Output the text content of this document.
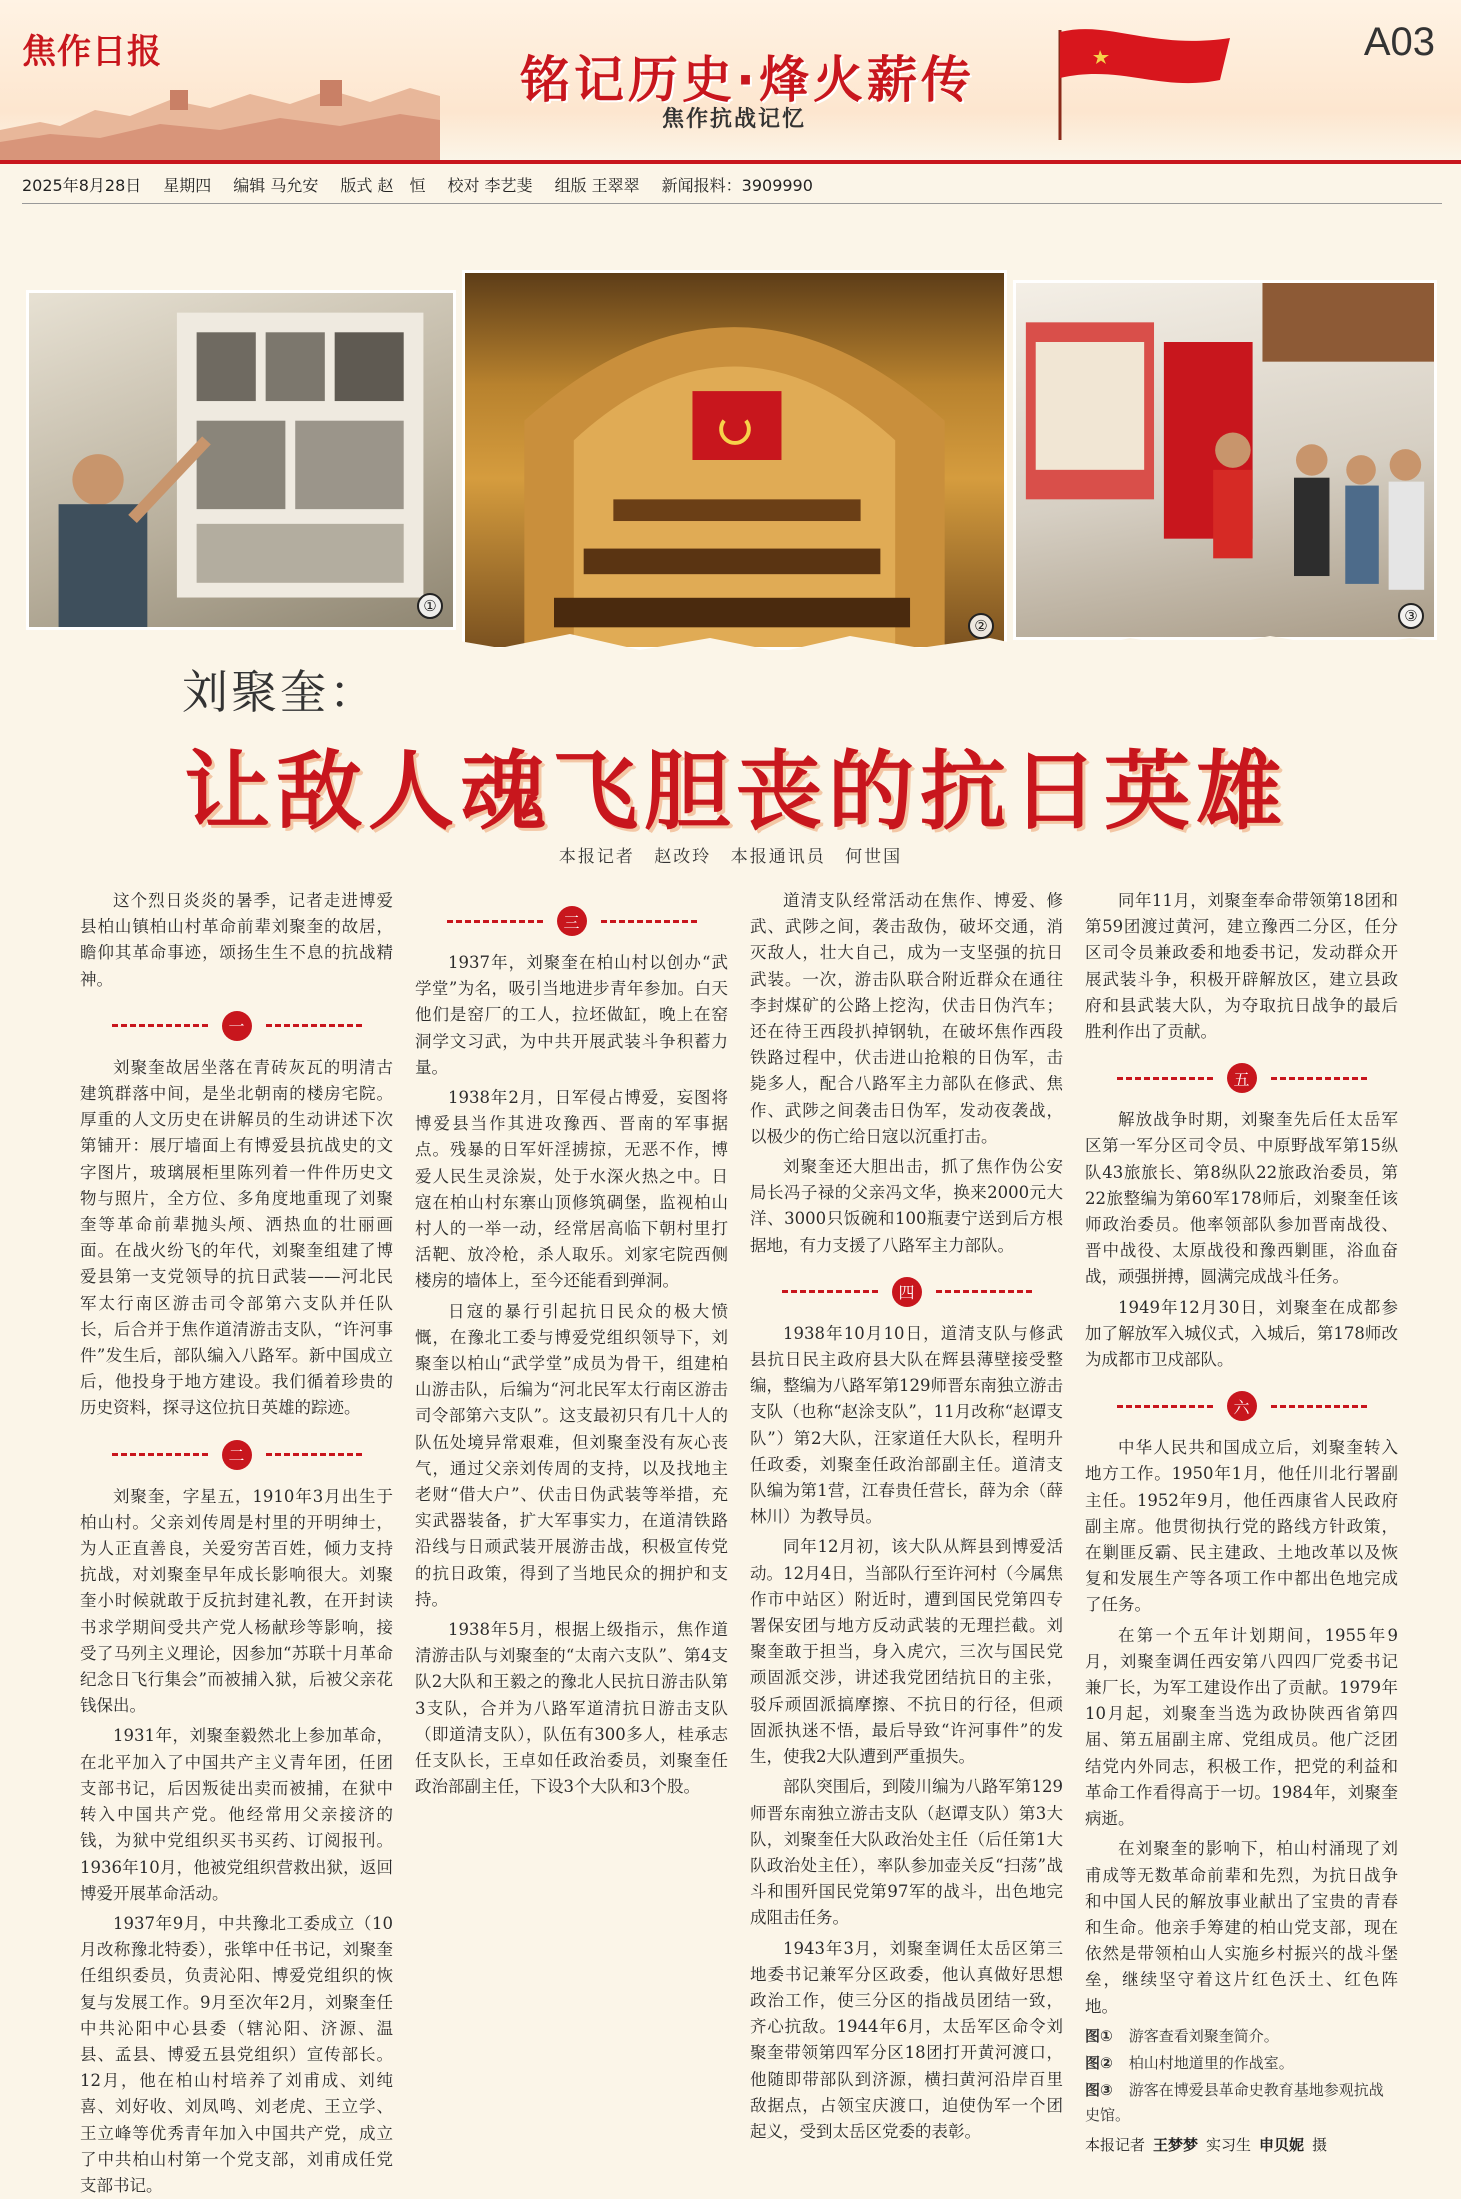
焦作日报	铭记历史·烽火薪传
焦作抗战记忆
A03
2025年8月28日 星期四 编辑 马允安 版式 赵　恒 校对 李艺斐 组版 王翠翠 新闻报料：3909990
①
②
③
刘聚奎：
让敌人魂飞胆丧的抗日英雄
本报记者 赵改玲 本报通讯员 何世国

这个烈日炎炎的暑季，记者走进博爱县柏山镇柏山村革命前辈刘聚奎的故居，瞻仰其革命事迹，颂扬生生不息的抗战精神。

一

刘聚奎故居坐落在青砖灰瓦的明清古建筑群落中间，是坐北朝南的楼房宅院。厚重的人文历史在讲解员的生动讲述下次第铺开：展厅墙面上有博爱县抗战史的文字图片，玻璃展柜里陈列着一件件历史文物与照片，全方位、多角度地重现了刘聚奎等革命前辈抛头颅、洒热血的壮丽画面。在战火纷飞的年代，刘聚奎组建了博爱县第一支党领导的抗日武装——河北民军太行南区游击司令部第六支队并任队长，后合并于焦作道清游击支队，“许河事件”发生后，部队编入八路军。新中国成立后，他投身于地方建设。我们循着珍贵的历史资料，探寻这位抗日英雄的踪迹。

二

刘聚奎，字星五，1910年3月出生于柏山村。父亲刘传周是村里的开明绅士，为人正直善良，关爱穷苦百姓，倾力支持抗战，对刘聚奎早年成长影响很大。刘聚奎小时候就敢于反抗封建礼教，在开封读书求学期间受共产党人杨献珍等影响，接受了马列主义理论，因参加“苏联十月革命纪念日飞行集会”而被捕入狱，后被父亲花钱保出。

1931年，刘聚奎毅然北上参加革命，在北平加入了中国共产主义青年团，任团支部书记，后因叛徒出卖而被捕，在狱中转入中国共产党。他经常用父亲接济的钱，为狱中党组织买书买药、订阅报刊。1936年10月，他被党组织营救出狱，返回博爱开展革命活动。

1937年9月，中共豫北工委成立（10月改称豫北特委），张筚中任书记，刘聚奎任组织委员，负责沁阳、博爱党组织的恢复与发展工作。9月至次年2月，刘聚奎任中共沁阳中心县委（辖沁阳、济源、温县、孟县、博爱五县党组织）宣传部长。12月，他在柏山村培养了刘甫成、刘纯喜、刘好收、刘凤鸣、刘老虎、王立学、王立峰等优秀青年加入中国共产党，成立了中共柏山村第一个党支部，刘甫成任党支部书记。

三

1937年，刘聚奎在柏山村以创办“武学堂”为名，吸引当地进步青年参加。白天他们是窑厂的工人，拉坯做缸，晚上在窑洞学文习武，为中共开展武装斗争积蓄力量。

1938年2月，日军侵占博爱，妄图将博爱县当作其进攻豫西、晋南的军事据点。残暴的日军奸淫掳掠，无恶不作，博爱人民生灵涂炭，处于水深火热之中。日寇在柏山村东寨山顶修筑碉堡，监视柏山村人的一举一动，经常居高临下朝村里打活靶、放冷枪，杀人取乐。刘家宅院西侧楼房的墙体上，至今还能看到弹洞。

日寇的暴行引起抗日民众的极大愤慨，在豫北工委与博爱党组织领导下，刘聚奎以柏山“武学堂”成员为骨干，组建柏山游击队，后编为“河北民军太行南区游击司令部第六支队”。这支最初只有几十人的队伍处境异常艰难，但刘聚奎没有灰心丧气，通过父亲刘传周的支持，以及找地主老财“借大户”、伏击日伪武装等举措，充实武器装备，扩大军事实力，在道清铁路沿线与日顽武装开展游击战，积极宣传党的抗日政策，得到了当地民众的拥护和支持。

1938年5月，根据上级指示，焦作道清游击队与刘聚奎的“太南六支队”、第4支队2大队和王毅之的豫北人民抗日游击队第3支队，合并为八路军道清抗日游击支队（即道清支队），队伍有300多人，桂承志任支队长，王卓如任政治委员，刘聚奎任政治部副主任，下设3个大队和3个股。

道清支队经常活动在焦作、博爱、修武、武陟之间，袭击敌伪，破坏交通，消灭敌人，壮大自己，成为一支坚强的抗日武装。一次，游击队联合附近群众在通往李封煤矿的公路上挖沟，伏击日伪汽车；还在待王西段扒掉钢轨，在破坏焦作西段铁路过程中，伏击进山抢粮的日伪军，击毙多人，配合八路军主力部队在修武、焦作、武陟之间袭击日伪军，发动夜袭战，以极少的伤亡给日寇以沉重打击。

刘聚奎还大胆出击，抓了焦作伪公安局长冯子禄的父亲冯文华，换来2000元大洋、3000只饭碗和100瓶妻宁送到后方根据地，有力支援了八路军主力部队。

四

1938年10月10日，道清支队与修武县抗日民主政府县大队在辉县薄壁接受整编，整编为八路军第129师晋东南独立游击支队（也称“赵涂支队”，11月改称“赵谭支队”）第2大队，汪家道任大队长，程明升任政委，刘聚奎任政治部副主任。道清支队编为第1营，江春贵任营长，薛为余（薛林川）为教导员。

同年12月初，该大队从辉县到博爱活动。12月4日，当部队行至许河村（今属焦作市中站区）附近时，遭到国民党第四专署保安团与地方反动武装的无理拦截。刘聚奎敢于担当，身入虎穴，三次与国民党顽固派交涉，讲述我党团结抗日的主张，驳斥顽固派搞摩擦、不抗日的行径，但顽固派执迷不悟，最后导致“许河事件”的发生，使我2大队遭到严重损失。

部队突围后，到陵川编为八路军第129师晋东南独立游击支队（赵谭支队）第3大队，刘聚奎任大队政治处主任（后任第1大队政治处主任），率队参加壶关反“扫荡”战斗和围歼国民党第97军的战斗，出色地完成阻击任务。

1943年3月，刘聚奎调任太岳区第三地委书记兼军分区政委，他认真做好思想政治工作，使三分区的指战员团结一致，齐心抗敌。1944年6月，太岳军区命令刘聚奎带领第四军分区18团打开黄河渡口，他随即带部队到济源，横扫黄河沿岸百里敌据点，占领宝庆渡口，迫使伪军一个团起义，受到太岳区党委的表彰。

同年11月，刘聚奎奉命带领第18团和第59团渡过黄河，建立豫西二分区，任分区司令员兼政委和地委书记，发动群众开展武装斗争，积极开辟解放区，建立县政府和县武装大队，为夺取抗日战争的最后胜利作出了贡献。

五

解放战争时期，刘聚奎先后任太岳军区第一军分区司令员、中原野战军第15纵队43旅旅长、第8纵队22旅政治委员，第22旅整编为第60军178师后，刘聚奎任该师政治委员。他率领部队参加晋南战役、晋中战役、太原战役和豫西剿匪，浴血奋战，顽强拼搏，圆满完成战斗任务。

1949年12月30日，刘聚奎在成都参加了解放军入城仪式，入城后，第178师改为成都市卫戍部队。

六

中华人民共和国成立后，刘聚奎转入地方工作。1950年1月，他任川北行署副主任。1952年9月，他任西康省人民政府副主席。他贯彻执行党的路线方针政策，在剿匪反霸、民主建政、土地改革以及恢复和发展生产等各项工作中都出色地完成了任务。

在第一个五年计划期间，1955年9月，刘聚奎调任西安第八四四厂党委书记兼厂长，为军工建设作出了贡献。1979年10月起，刘聚奎当选为政协陕西省第四届、第五届副主席、党组成员。他广泛团结党内外同志，积极工作，把党的利益和革命工作看得高于一切。1984年，刘聚奎病逝。

在刘聚奎的影响下，柏山村涌现了刘甫成等无数革命前辈和先烈，为抗日战争和中国人民的解放事业献出了宝贵的青春和生命。他亲手筹建的柏山党支部，现在依然是带领柏山人实施乡村振兴的战斗堡垒，继续坚守着这片红色沃土、红色阵地。

图① 游客查看刘聚奎简介。
图② 柏山村地道里的作战室。
图③ 游客在博爱县革命史教育基地参观抗战史馆。
本报记者 王梦梦 实习生 申贝妮 摄
